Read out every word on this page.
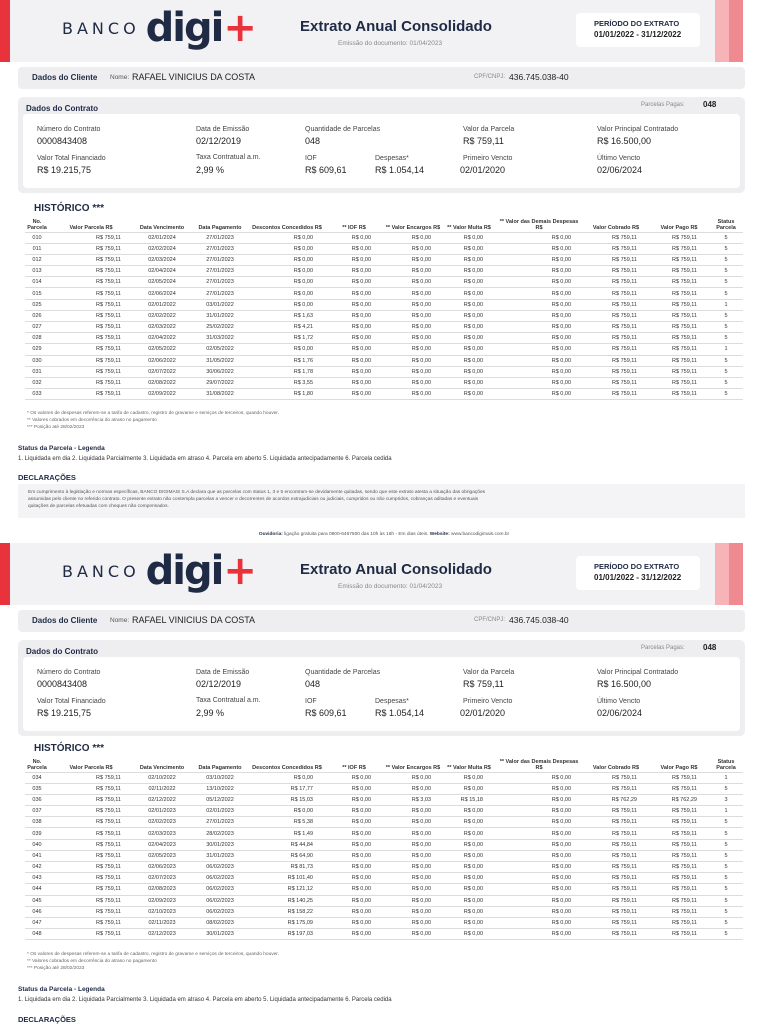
BANCO digi +	Extrato Anual Consolidado
Emissão do documento: 01/04/2023
PERÍODO DO EXTRATO
01/01/2022 - 31/12/2022
Dados do Cliente Nome: RAFAEL VINICIUS DA COSTA	CPF/CNPJ: 436.745.038-40
Dados do Contrato	Parcelas Pagas: 048
Número do Contrato
0000843408
Data de Emissão
02/12/2019
Quantidade de Parcelas
048
Valor da Parcela
R$ 759,11
Valor Principal Contratado
R$ 16.500,00
Valor Total Financiado
R$ 19.215,75
Taxa Contratual a.m.
2,99 %
IOF
R$ 609,61
Despesas*
R$ 1.054,14
Primeiro Vencto
02/01/2020
Último Vencto
02/06/2024
HISTÓRICO ***
No. Parcela	Valor Parcela R$	Data Vencimento	Data Pagamento	Descontos Concedidos R$	** IOF R$	** Valor Encargos R$	** Valor Multa R$	** Valor das Demais Despesas R$	Valor Cobrado R$	Valor Pago R$	Status Parcela
010	R$ 759,11	02/01/2024	27/01/2023	R$ 0,00	R$ 0,00	R$ 0,00	R$ 0,00	R$ 0,00	R$ 759,11	R$ 759,11	5
011	R$ 759,11	02/02/2024	27/01/2023	R$ 0,00	R$ 0,00	R$ 0,00	R$ 0,00	R$ 0,00	R$ 759,11	R$ 759,11	5
012	R$ 759,11	02/03/2024	27/01/2023	R$ 0,00	R$ 0,00	R$ 0,00	R$ 0,00	R$ 0,00	R$ 759,11	R$ 759,11	5
013	R$ 759,11	02/04/2024	27/01/2023	R$ 0,00	R$ 0,00	R$ 0,00	R$ 0,00	R$ 0,00	R$ 759,11	R$ 759,11	5
014	R$ 759,11	02/05/2024	27/01/2023	R$ 0,00	R$ 0,00	R$ 0,00	R$ 0,00	R$ 0,00	R$ 759,11	R$ 759,11	5
015	R$ 759,11	02/06/2024	27/01/2023	R$ 0,00	R$ 0,00	R$ 0,00	R$ 0,00	R$ 0,00	R$ 759,11	R$ 759,11	5
025	R$ 759,11	02/01/2022	03/01/2022	R$ 0,00	R$ 0,00	R$ 0,00	R$ 0,00	R$ 0,00	R$ 759,11	R$ 759,11	1
026	R$ 759,11	02/02/2022	31/01/2022	R$ 1,63	R$ 0,00	R$ 0,00	R$ 0,00	R$ 0,00	R$ 759,11	R$ 759,11	5
027	R$ 759,11	02/03/2022	25/02/2022	R$ 4,21	R$ 0,00	R$ 0,00	R$ 0,00	R$ 0,00	R$ 759,11	R$ 759,11	5
028	R$ 759,11	02/04/2022	31/03/2022	R$ 1,72	R$ 0,00	R$ 0,00	R$ 0,00	R$ 0,00	R$ 759,11	R$ 759,11	5
029	R$ 759,11	02/05/2022	02/05/2022	R$ 0,00	R$ 0,00	R$ 0,00	R$ 0,00	R$ 0,00	R$ 759,11	R$ 759,11	1
030	R$ 759,11	02/06/2022	31/05/2022	R$ 1,76	R$ 0,00	R$ 0,00	R$ 0,00	R$ 0,00	R$ 759,11	R$ 759,11	5
031	R$ 759,11	02/07/2022	30/06/2022	R$ 1,78	R$ 0,00	R$ 0,00	R$ 0,00	R$ 0,00	R$ 759,11	R$ 759,11	5
032	R$ 759,11	02/08/2022	29/07/2022	R$ 3,55	R$ 0,00	R$ 0,00	R$ 0,00	R$ 0,00	R$ 759,11	R$ 759,11	5
033	R$ 759,11	02/09/2022	31/08/2022	R$ 1,80	R$ 0,00	R$ 0,00	R$ 0,00	R$ 0,00	R$ 759,11	R$ 759,11	5
* Os valores de despesas referem-se a tarifa de cadastro, registro de gravame e serviços de terceiros, quando houver.
** Valores cobrados em decorrência do atraso no pagamento
*** Posição até 28/02/2023
Status da Parcela - Legenda
1. Liquidada em dia 2. Liquidada Parcialmente 3. Liquidada em atraso 4. Parcela em aberto 5. Liquidada antecipadamente 6. Parcela cedida
DECLARAÇÕES
Em cumprimento à legislação e normas específicas, BANCO DIGIMAIS S.A declara que as parcelas com status 1, 3 e 5 encontram-se devidamente quitadas, sendo que este extrato atesta a situação das obrigações
assumidas pelo cliente no referido contrato. O presente extrato não contempla parcelas a vencer e decorrentes de acordos extrajudiciais ou judiciais, cumpridos ou não cumpridos, cobranças aditadas e eventuais
quitações de parcelas efetuadas com cheques não compensados.
Ouvidoria: ligação gratuita para 0800-6467500 das 10h às 16h - Em dias úteis. Website: www.bancodigimais.com.br
BANCO digi +	Extrato Anual Consolidado
Emissão do documento: 01/04/2023
PERÍODO DO EXTRATO
01/01/2022 - 31/12/2022
Dados do Cliente Nome: RAFAEL VINICIUS DA COSTA	CPF/CNPJ: 436.745.038-40
Dados do Contrato	Parcelas Pagas: 048
Número do Contrato
0000843408
Data de Emissão
02/12/2019
Quantidade de Parcelas
048
Valor da Parcela
R$ 759,11
Valor Principal Contratado
R$ 16.500,00
Valor Total Financiado
R$ 19.215,75
Taxa Contratual a.m.
2,99 %
IOF
R$ 609,61
Despesas*
R$ 1.054,14
Primeiro Vencto
02/01/2020
Último Vencto
02/06/2024
HISTÓRICO ***
No. Parcela	Valor Parcela R$	Data Vencimento	Data Pagamento	Descontos Concedidos R$	** IOF R$	** Valor Encargos R$	** Valor Multa R$	** Valor das Demais Despesas R$	Valor Cobrado R$	Valor Pago R$	Status Parcela
034	R$ 759,11	02/10/2022	03/10/2022	R$ 0,00	R$ 0,00	R$ 0,00	R$ 0,00	R$ 0,00	R$ 759,11	R$ 759,11	1
035	R$ 759,11	02/11/2022	13/10/2022	R$ 17,77	R$ 0,00	R$ 0,00	R$ 0,00	R$ 0,00	R$ 759,11	R$ 759,11	5
036	R$ 759,11	02/12/2022	05/12/2022	R$ 15,03	R$ 0,00	R$ 3,03	R$ 15,18	R$ 0,00	R$ 762,29	R$ 762,29	3
037	R$ 759,11	02/01/2023	02/01/2023	R$ 0,00	R$ 0,00	R$ 0,00	R$ 0,00	R$ 0,00	R$ 759,11	R$ 759,11	1
038	R$ 759,11	02/02/2023	27/01/2023	R$ 5,38	R$ 0,00	R$ 0,00	R$ 0,00	R$ 0,00	R$ 759,11	R$ 759,11	5
039	R$ 759,11	02/03/2023	28/02/2023	R$ 1,49	R$ 0,00	R$ 0,00	R$ 0,00	R$ 0,00	R$ 759,11	R$ 759,11	5
040	R$ 759,11	02/04/2023	30/01/2023	R$ 44,84	R$ 0,00	R$ 0,00	R$ 0,00	R$ 0,00	R$ 759,11	R$ 759,11	5
041	R$ 759,11	02/05/2023	31/01/2023	R$ 64,90	R$ 0,00	R$ 0,00	R$ 0,00	R$ 0,00	R$ 759,11	R$ 759,11	5
042	R$ 759,11	02/06/2023	06/02/2023	R$ 81,73	R$ 0,00	R$ 0,00	R$ 0,00	R$ 0,00	R$ 759,11	R$ 759,11	5
043	R$ 759,11	02/07/2023	06/02/2023	R$ 101,40	R$ 0,00	R$ 0,00	R$ 0,00	R$ 0,00	R$ 759,11	R$ 759,11	5
044	R$ 759,11	02/08/2023	06/02/2023	R$ 121,12	R$ 0,00	R$ 0,00	R$ 0,00	R$ 0,00	R$ 759,11	R$ 759,11	5
045	R$ 759,11	02/09/2023	06/02/2023	R$ 140,25	R$ 0,00	R$ 0,00	R$ 0,00	R$ 0,00	R$ 759,11	R$ 759,11	5
046	R$ 759,11	02/10/2023	06/02/2023	R$ 158,22	R$ 0,00	R$ 0,00	R$ 0,00	R$ 0,00	R$ 759,11	R$ 759,11	5
047	R$ 759,11	02/11/2023	08/02/2023	R$ 175,09	R$ 0,00	R$ 0,00	R$ 0,00	R$ 0,00	R$ 759,11	R$ 759,11	5
048	R$ 759,11	02/12/2023	30/01/2023	R$ 197,03	R$ 0,00	R$ 0,00	R$ 0,00	R$ 0,00	R$ 759,11	R$ 759,11	5
* Os valores de despesas referem-se a tarifa de cadastro, registro de gravame e serviços de terceiros, quando houver.
** Valores cobrados em decorrência do atraso no pagamento
*** Posição até 28/02/2023
Status da Parcela - Legenda
1. Liquidada em dia 2. Liquidada Parcialmente 3. Liquidada em atraso 4. Parcela em aberto 5. Liquidada antecipadamente 6. Parcela cedida
DECLARAÇÕES
